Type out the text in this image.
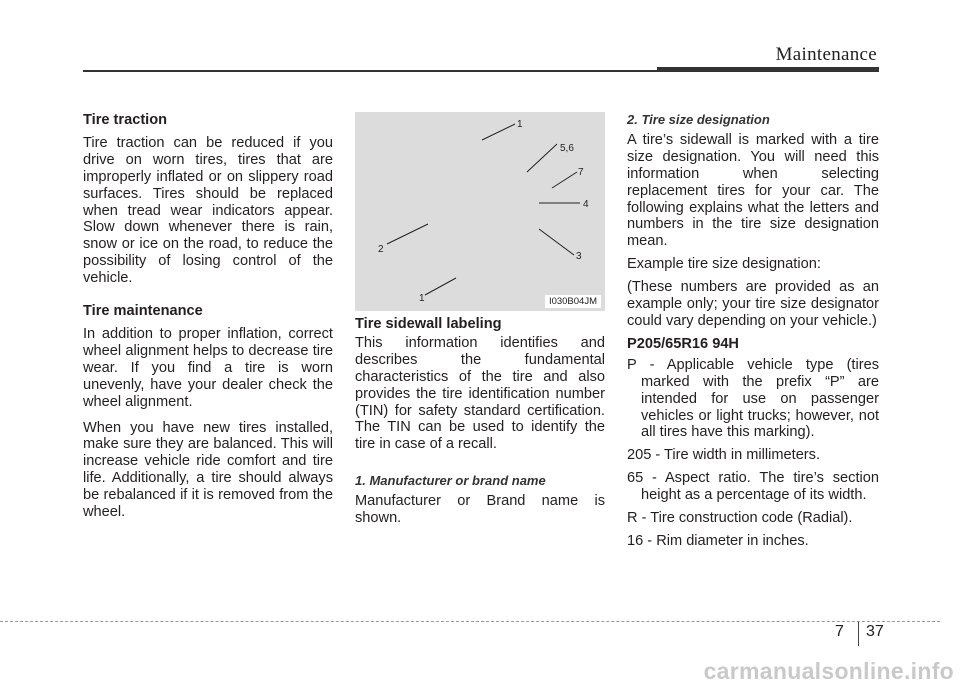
Maintenance
Tire traction

Tire traction can be reduced if you drive on worn tires, tires that are improperly inflated or on slippery road surfaces. Tires should be replaced when tread wear indicators appear. Slow down whenever there is rain, snow or ice on the road, to reduce the possibility of losing control of the vehicle.

Tire maintenance

In addition to proper inflation, correct wheel alignment helps to decrease tire wear. If you find a tire is worn unevenly, have your dealer check the wheel alignment.

When you have new tires installed, make sure they are balanced. This will increase vehicle ride comfort and tire life. Additionally, a tire should always be rebalanced if it is removed from the wheel.

1
5,6
7
4
2
3
1	I030B04JM
Tire sidewall labeling

This information identifies and describes the fundamental characteristics of the tire and also provides the tire identification number (TIN) for safety standard certification. The TIN can be used to identify the tire in case of a recall.

1. Manufacturer or brand name

Manufacturer or Brand name is shown.

2. Tire size designation

A tire’s sidewall is marked with a tire size designation. You will need this information when selecting replacement tires for your car. The following explains what the letters and numbers in the tire size designation mean.

Example tire size designation:

(These numbers are provided as an example only; your tire size designator could vary depending on your vehicle.)

P205/65R16 94H
P - Applicable vehicle type (tires marked with the prefix “P” are intended for use on passenger vehicles or light trucks; however, not all tires have this marking).
205 - Tire width in millimeters.
65 - Aspect ratio. The tire’s section height as a percentage of its width.
R - Tire construction code (Radial).
16 - Rim diameter in inches.
7 37
carmanualsonline.info
